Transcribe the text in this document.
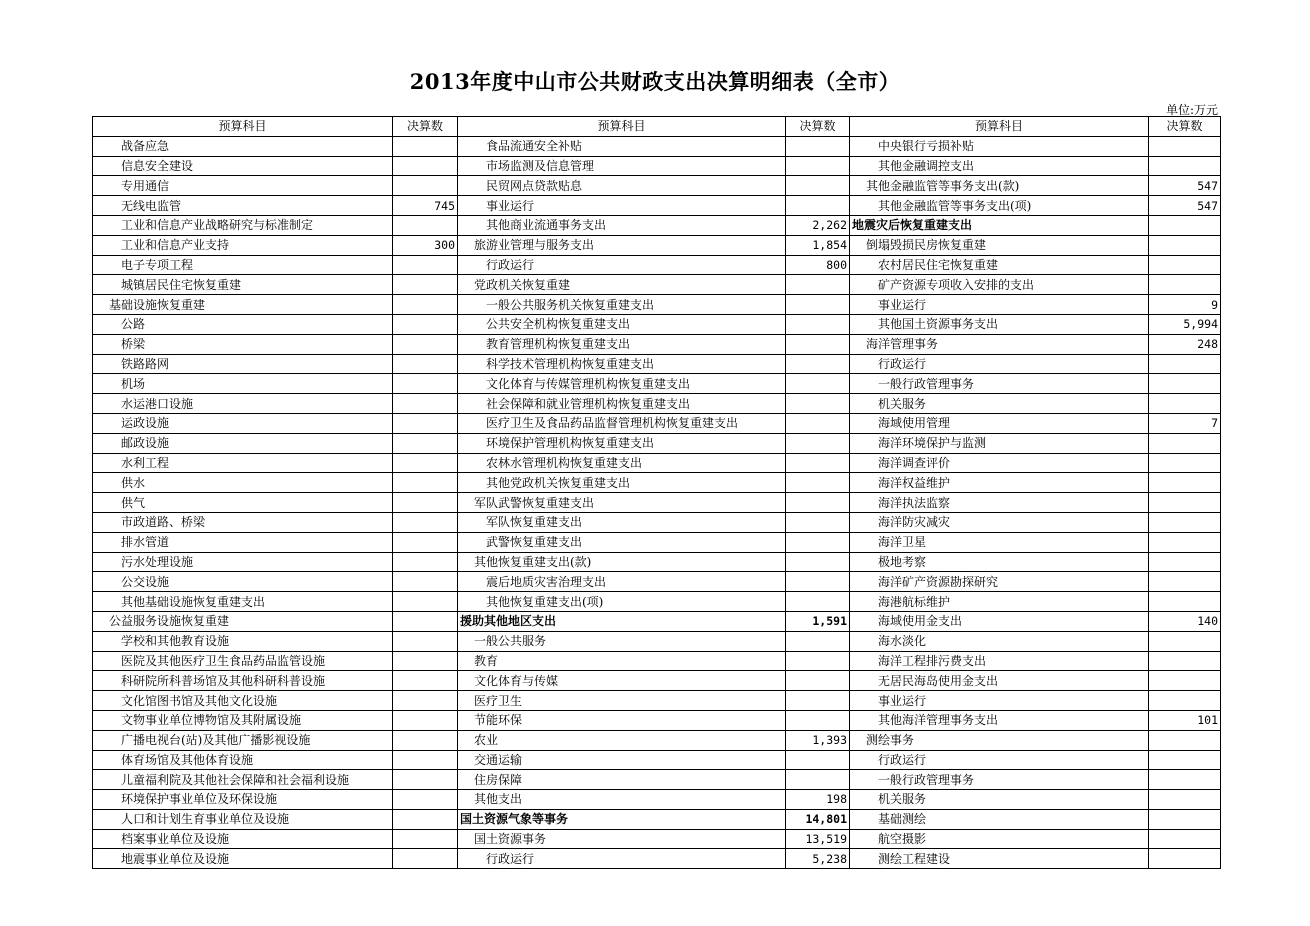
2013年度中山市公共财政支出决算明细表（全市）
单位:万元
预算科目	决算数	预算科目	决算数	预算科目	决算数
战备应急		食品流通安全补贴		中央银行亏损补贴	
信息安全建设		市场监测及信息管理		其他金融调控支出	
专用通信		民贸网点贷款贴息		其他金融监管等事务支出(款)	547
无线电监管	745	事业运行		其他金融监管等事务支出(项)	547
工业和信息产业战略研究与标准制定		其他商业流通事务支出	2,262	地震灾后恢复重建支出	
工业和信息产业支持	300	旅游业管理与服务支出	1,854	倒塌毁损民房恢复重建	
电子专项工程		行政运行	800	农村居民住宅恢复重建	
城镇居民住宅恢复重建		党政机关恢复重建		矿产资源专项收入安排的支出	
基础设施恢复重建		一般公共服务机关恢复重建支出		事业运行	9
公路		公共安全机构恢复重建支出		其他国土资源事务支出	5,994
桥梁		教育管理机构恢复重建支出		海洋管理事务	248
铁路路网		科学技术管理机构恢复重建支出		行政运行	
机场		文化体育与传媒管理机构恢复重建支出		一般行政管理事务	
水运港口设施		社会保障和就业管理机构恢复重建支出		机关服务	
运政设施		医疗卫生及食品药品监督管理机构恢复重建支出		海域使用管理	7
邮政设施		环境保护管理机构恢复重建支出		海洋环境保护与监测	
水利工程		农林水管理机构恢复重建支出		海洋调查评价	
供水		其他党政机关恢复重建支出		海洋权益维护	
供气		军队武警恢复重建支出		海洋执法监察	
市政道路、桥梁		军队恢复重建支出		海洋防灾减灾	
排水管道		武警恢复重建支出		海洋卫星	
污水处理设施		其他恢复重建支出(款)		极地考察	
公交设施		震后地质灾害治理支出		海洋矿产资源勘探研究	
其他基础设施恢复重建支出		其他恢复重建支出(项)		海港航标维护	
公益服务设施恢复重建		援助其他地区支出	1,591	海域使用金支出	140
学校和其他教育设施		一般公共服务		海水淡化	
医院及其他医疗卫生食品药品监管设施		教育		海洋工程排污费支出	
科研院所科普场馆及其他科研科普设施		文化体育与传媒		无居民海岛使用金支出	
文化馆图书馆及其他文化设施		医疗卫生		事业运行	
文物事业单位博物馆及其附属设施		节能环保		其他海洋管理事务支出	101
广播电视台(站)及其他广播影视设施		农业	1,393	测绘事务	
体育场馆及其他体育设施		交通运输		行政运行	
儿童福利院及其他社会保障和社会福利设施		住房保障		一般行政管理事务	
环境保护事业单位及环保设施		其他支出	198	机关服务	
人口和计划生育事业单位及设施		国土资源气象等事务	14,801	基础测绘	
档案事业单位及设施		国土资源事务	13,519	航空摄影	
地震事业单位及设施		行政运行	5,238	测绘工程建设	
